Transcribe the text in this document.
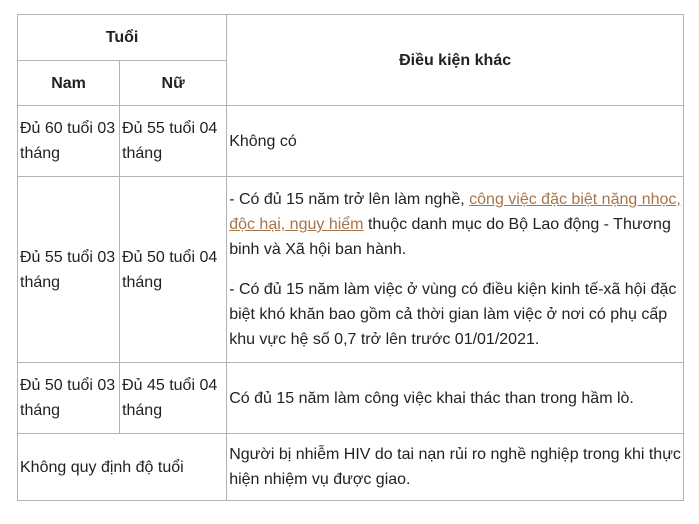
Tuổi		Điều kiện khác
Nam	Nữ	
Đủ 60 tuổi 03 tháng	Đủ 55 tuổi 04 tháng	Không có
Đủ 55 tuổi 03 tháng	Đủ 50 tuổi 04 tháng	- Có đủ 15 năm trở lên làm nghề, công việc đặc biệt nặng nhọc, độc hại, nguy hiểm thuộc danh mục do Bộ Lao động - Thương binh và Xã hội ban hành.
- Có đủ 15 năm làm việc ở vùng có điều kiện kinh tế-xã hội đặc biệt khó khăn bao gồm cả thời gian làm việc ở nơi có phụ cấp khu vực hệ số 0,7 trở lên trước 01/01/2021.

Đủ 50 tuổi 03 tháng	Đủ 45 tuổi 04 tháng	Có đủ 15 năm làm công việc khai thác than trong hầm lò.
Không quy định độ tuổi		Người bị nhiễm HIV do tai nạn rủi ro nghề nghiệp trong khi thực hiện nhiệm vụ được giao.
